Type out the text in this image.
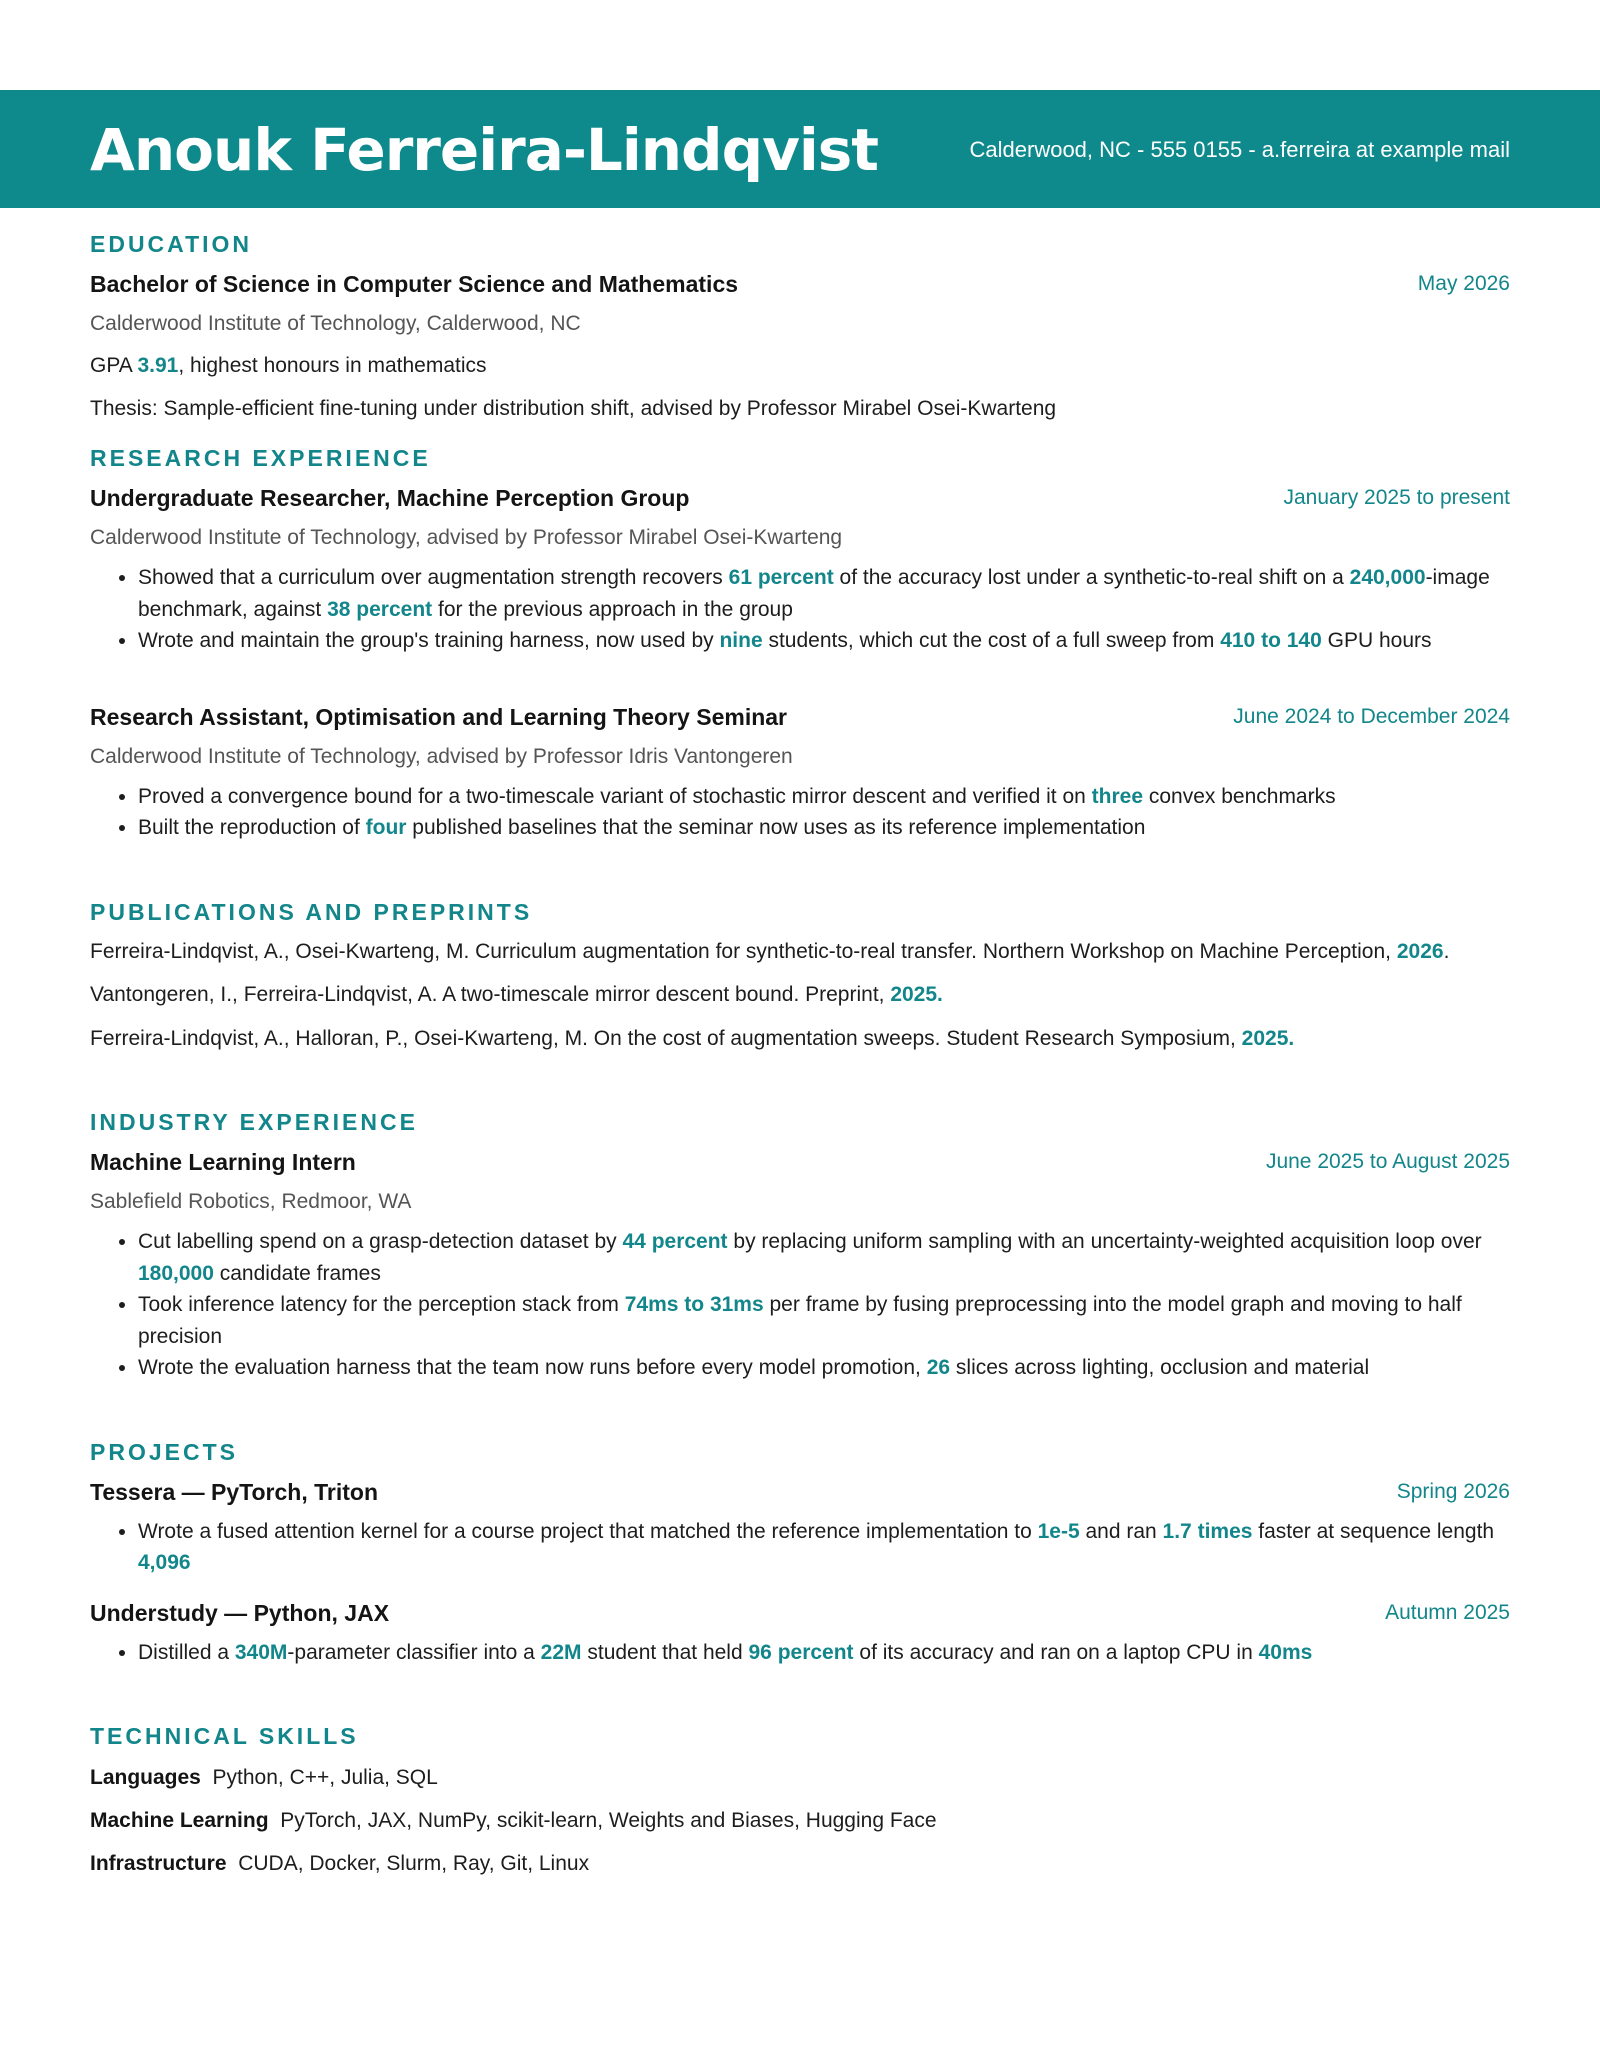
Anouk Ferreira-Lindqvist	Calderwood, NC - 555 0155 - a.ferreira at example mail
EDUCATION
Bachelor of Science in Computer Science and Mathematics	May 2026
Calderwood Institute of Technology, Calderwood, NC
GPA 3.91, highest honours in mathematics
Thesis: Sample-efficient fine-tuning under distribution shift, advised by Professor Mirabel Osei-Kwarteng
RESEARCH EXPERIENCE
Undergraduate Researcher, Machine Perception Group	January 2025 to present
Calderwood Institute of Technology, advised by Professor Mirabel Osei-Kwarteng
• Showed that a curriculum over augmentation strength recovers 61 percent of the accuracy lost under a synthetic-to-real shift on a 240,000-image benchmark, against 38 percent for the previous approach in the group
• Wrote and maintain the group's training harness, now used by nine students, which cut the cost of a full sweep from 410 to 140 GPU hours
Research Assistant, Optimisation and Learning Theory Seminar	June 2024 to December 2024
Calderwood Institute of Technology, advised by Professor Idris Vantongeren
• Proved a convergence bound for a two-timescale variant of stochastic mirror descent and verified it on three convex benchmarks
• Built the reproduction of four published baselines that the seminar now uses as its reference implementation
PUBLICATIONS AND PREPRINTS
Ferreira-Lindqvist, A., Osei-Kwarteng, M. Curriculum augmentation for synthetic-to-real transfer. Northern Workshop on Machine Perception, 2026.
Vantongeren, I., Ferreira-Lindqvist, A. A two-timescale mirror descent bound. Preprint, 2025.
Ferreira-Lindqvist, A., Halloran, P., Osei-Kwarteng, M. On the cost of augmentation sweeps. Student Research Symposium, 2025.
INDUSTRY EXPERIENCE
Machine Learning Intern	June 2025 to August 2025
Sablefield Robotics, Redmoor, WA
• Cut labelling spend on a grasp-detection dataset by 44 percent by replacing uniform sampling with an uncertainty-weighted acquisition loop over 180,000 candidate frames
• Took inference latency for the perception stack from 74ms to 31ms per frame by fusing preprocessing into the model graph and moving to half precision
• Wrote the evaluation harness that the team now runs before every model promotion, 26 slices across lighting, occlusion and material
PROJECTS
Tessera — PyTorch, Triton	Spring 2026
• Wrote a fused attention kernel for a course project that matched the reference implementation to 1e-5 and ran 1.7 times faster at sequence length 4,096
Understudy — Python, JAX	Autumn 2025
• Distilled a 340M-parameter classifier into a 22M student that held 96 percent of its accuracy and ran on a laptop CPU in 40ms
TECHNICAL SKILLS
Languages Python, C++, Julia, SQL
Machine Learning PyTorch, JAX, NumPy, scikit-learn, Weights and Biases, Hugging Face
Infrastructure CUDA, Docker, Slurm, Ray, Git, Linux
